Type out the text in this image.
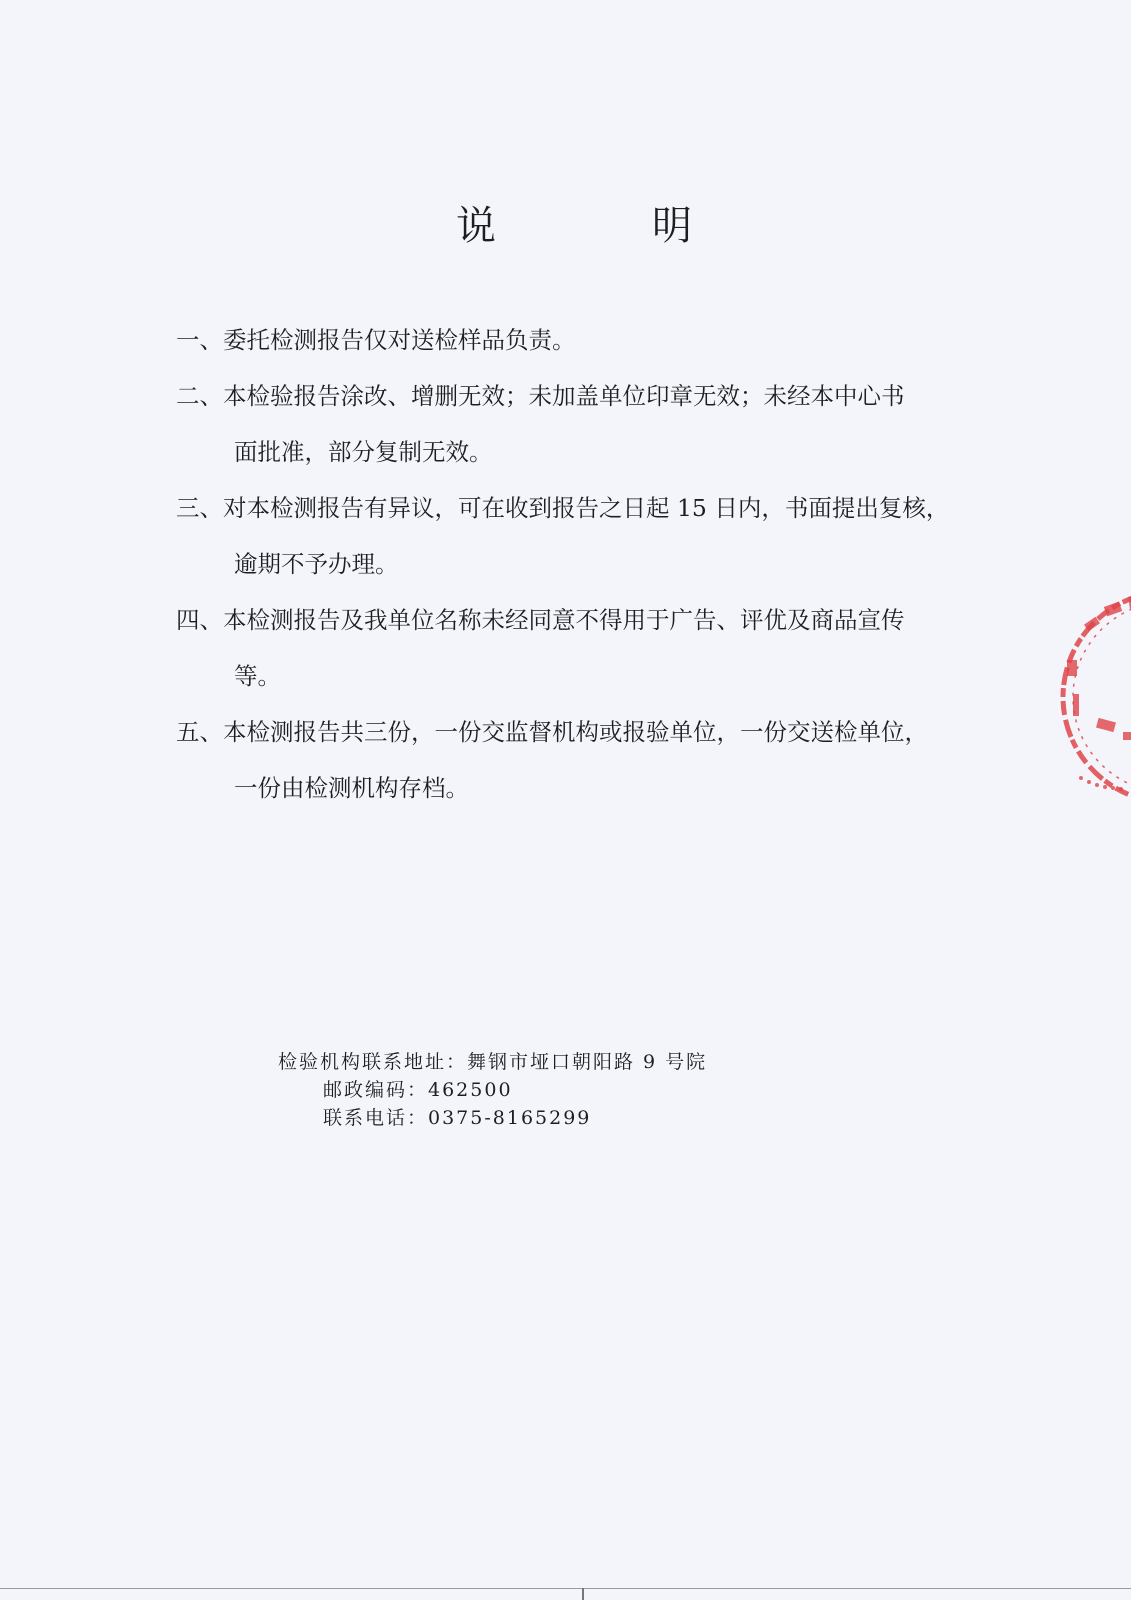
说	明
一、委托检测报告仅对送检样品负责。
二、本检验报告涂改、增删无效；未加盖单位印章无效；未经本中心书
面批准，部分复制无效。
三、对本检测报告有异议，可在收到报告之日起 15 日内，书面提出复核，
逾期不予办理。
四、本检测报告及我单位名称未经同意不得用于广告、评优及商品宣传
等。
五、本检测报告共三份，一份交监督机构或报验单位，一份交送检单位，
一份由检测机构存档。
检验机构联系地址：舞钢市垭口朝阳路 9 号院
邮政编码：462500
联系电话：0375-8165299
